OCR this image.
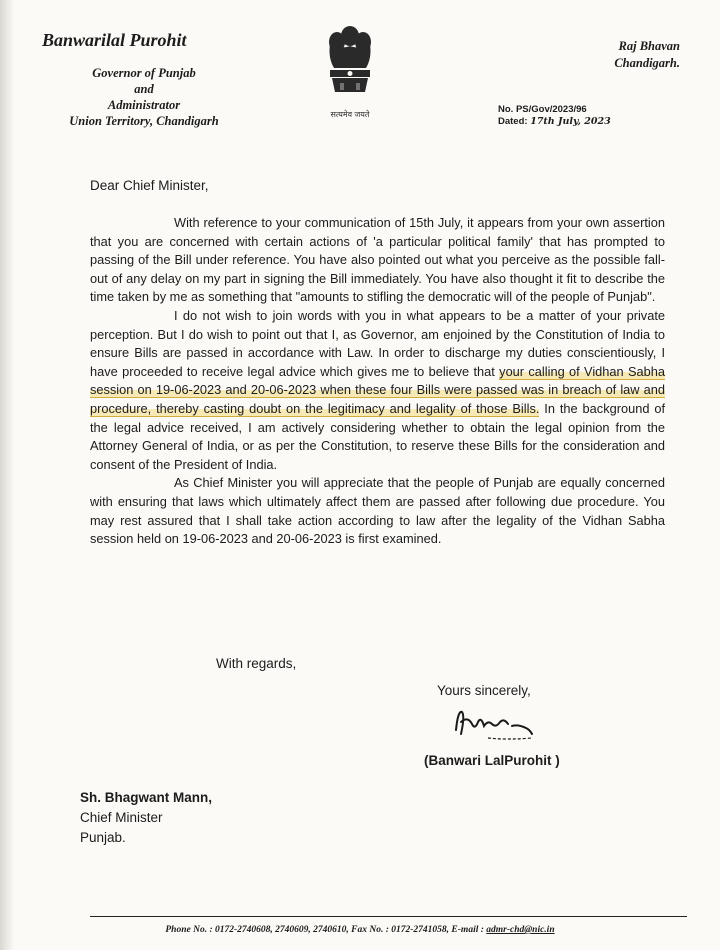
Banwarilal Purohit
Governor of Punjab
and
Administrator
Union Territory, Chandigarh	सत्यमेव जयते
Raj Bhavan
Chandigarh.
No. PS/Gov/2023/96
Dated: 17th July, 2023
Dear Chief Minister,

With reference to your communication of 15th July, it appears from your own assertion that you are concerned with certain actions of 'a particular political family' that has prompted to passing of the Bill under reference. You have also pointed out what you perceive as the possible fall-out of any delay on my part in signing the Bill immediately. You have also thought it fit to describe the time taken by me as something that "amounts to stifling the democratic will of the people of Punjab".

I do not wish to join words with you in what appears to be a matter of your private perception. But I do wish to point out that I, as Governor, am enjoined by the Constitution of India to ensure Bills are passed in accordance with Law. In order to discharge my duties conscientiously, I have proceeded to receive legal advice which gives me to believe that your calling of Vidhan Sabha session on 19-06-2023 and 20-06-2023 when these four Bills were passed was in breach of law and procedure, thereby casting doubt on the legitimacy and legality of those Bills. In the background of the legal advice received, I am actively considering whether to obtain the legal opinion from the Attorney General of India, or as per the Constitution, to reserve these Bills for the consideration and consent of the President of India.

As Chief Minister you will appreciate that the people of Punjab are equally concerned with ensuring that laws which ultimately affect them are passed after following due procedure. You may rest assured that I shall take action according to law after the legality of the Vidhan Sabha session held on 19-06-2023 and 20-06-2023 is first examined.

With regards,
Yours sincerely,
(Banwari LalPurohit )
Sh. Bhagwant Mann,
Chief Minister
Punjab.
Phone No. : 0172-2740608, 2740609, 2740610, Fax No. : 0172-2741058, E-mail : admr-chd@nic.in
